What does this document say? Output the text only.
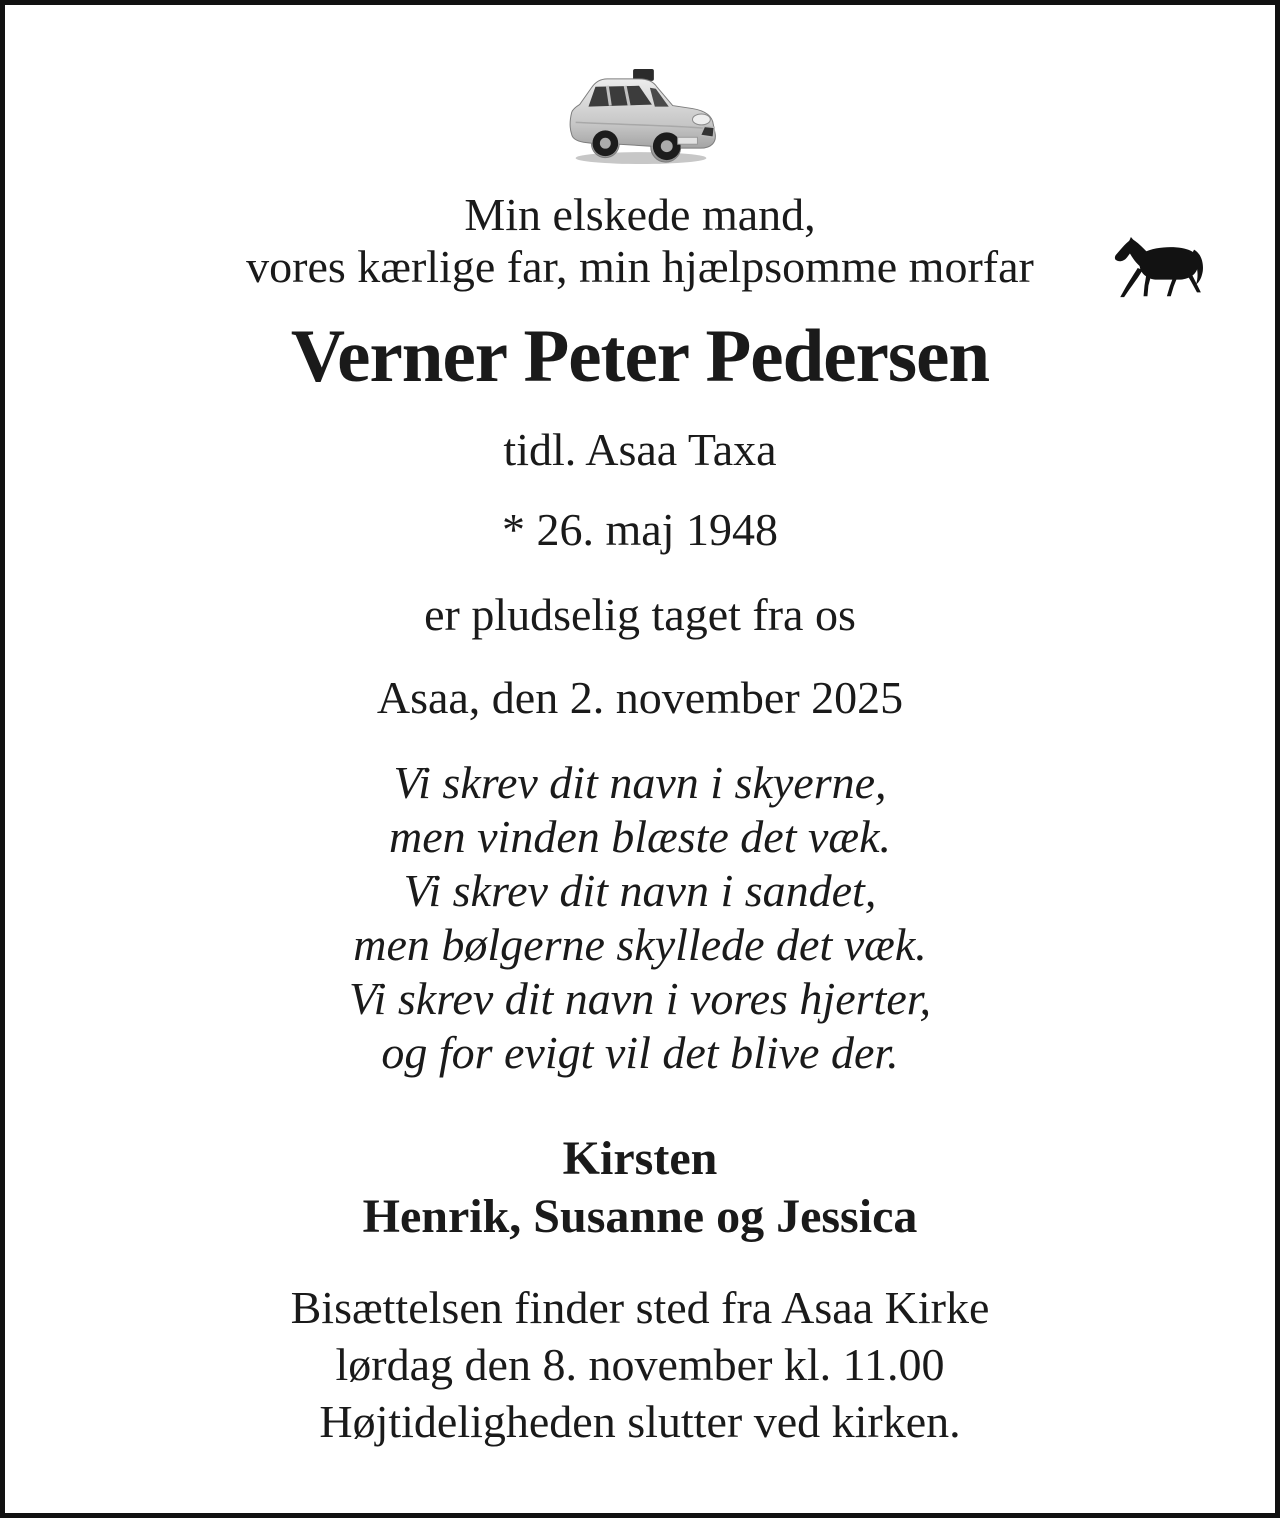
Min elskede mand,
vores kærlige far, min hjælpsomme morfar
Verner Peter Pedersen
tidl. Asaa Taxa
* 26. maj 1948
er pludselig taget fra os
Asaa, den 2. november 2025
Vi skrev dit navn i skyerne,
men vinden blæste det væk.
Vi skrev dit navn i sandet,
men bølgerne skyllede det væk.
Vi skrev dit navn i vores hjerter,
og for evigt vil det blive der.
Kirsten
Henrik, Susanne og Jessica
Bisættelsen finder sted fra Asaa Kirke
lørdag den 8. november kl. 11.00
Højtideligheden slutter ved kirken.
